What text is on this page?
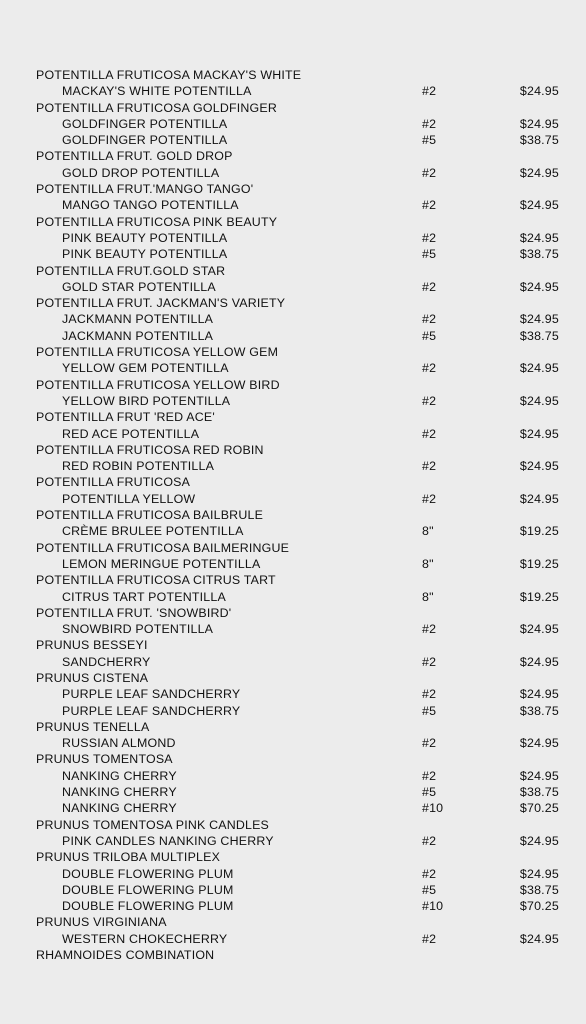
POTENTILLA FRUTICOSA MACKAY'S WHITE
MACKAY'S WHITE POTENTILLA	#2	$24.95
POTENTILLA FRUTICOSA GOLDFINGER
GOLDFINGER POTENTILLA	#2	$24.95
GOLDFINGER POTENTILLA	#5	$38.75
POTENTILLA FRUT. GOLD DROP
GOLD DROP POTENTILLA	#2	$24.95
POTENTILLA FRUT.'MANGO TANGO'
MANGO TANGO POTENTILLA	#2	$24.95
POTENTILLA FRUTICOSA PINK BEAUTY
PINK BEAUTY POTENTILLA	#2	$24.95
PINK BEAUTY POTENTILLA	#5	$38.75
POTENTILLA FRUT.GOLD STAR
GOLD STAR POTENTILLA	#2	$24.95
POTENTILLA FRUT. JACKMAN'S VARIETY
JACKMANN POTENTILLA	#2	$24.95
JACKMANN POTENTILLA	#5	$38.75
POTENTILLA FRUTICOSA YELLOW GEM
YELLOW GEM POTENTILLA	#2	$24.95
POTENTILLA FRUTICOSA YELLOW BIRD
YELLOW BIRD POTENTILLA	#2	$24.95
POTENTILLA FRUT 'RED ACE'
RED ACE POTENTILLA	#2	$24.95
POTENTILLA FRUTICOSA RED ROBIN
RED ROBIN POTENTILLA	#2	$24.95
POTENTILLA FRUTICOSA
POTENTILLA YELLOW	#2	$24.95
POTENTILLA FRUTICOSA BAILBRULE
CRÈME BRULEE POTENTILLA	8"	$19.25
POTENTILLA FRUTICOSA BAILMERINGUE
LEMON MERINGUE POTENTILLA	8"	$19.25
POTENTILLA FRUTICOSA CITRUS TART
CITRUS TART POTENTILLA	8"	$19.25
POTENTILLA FRUT. 'SNOWBIRD'
SNOWBIRD POTENTILLA	#2	$24.95
PRUNUS BESSEYI
SANDCHERRY	#2	$24.95
PRUNUS CISTENA
PURPLE LEAF SANDCHERRY	#2	$24.95
PURPLE LEAF SANDCHERRY	#5	$38.75
PRUNUS TENELLA
RUSSIAN ALMOND	#2	$24.95
PRUNUS TOMENTOSA
NANKING CHERRY	#2	$24.95
NANKING CHERRY	#5	$38.75
NANKING CHERRY	#10	$70.25
PRUNUS TOMENTOSA PINK CANDLES
PINK CANDLES NANKING CHERRY	#2	$24.95
PRUNUS TRILOBA MULTIPLEX
DOUBLE FLOWERING PLUM	#2	$24.95
DOUBLE FLOWERING PLUM	#5	$38.75
DOUBLE FLOWERING PLUM	#10	$70.25
PRUNUS VIRGINIANA
WESTERN CHOKECHERRY	#2	$24.95
RHAMNOIDES COMBINATION
